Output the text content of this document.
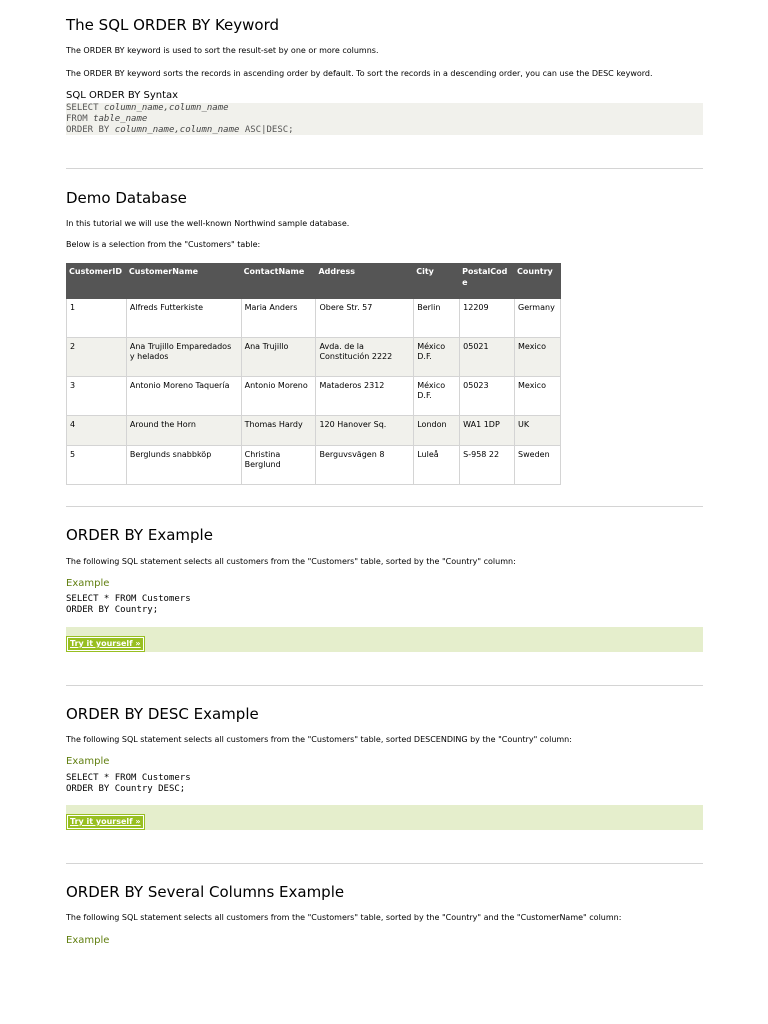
The SQL ORDER BY Keyword

The ORDER BY keyword is used to sort the result-set by one or more columns.

The ORDER BY keyword sorts the records in ascending order by default. To sort the records in a descending order, you can use the DESC keyword.

SQL ORDER BY Syntax
SELECT column_name,column_name
FROM table_name
ORDER BY column_name,column_name ASC|DESC;
Demo Database

In this tutorial we will use the well-known Northwind sample database.

Below is a selection from the "Customers" table:

CustomerID	CustomerName	ContactName	Address	City	PostalCode	Country
1	Alfreds Futterkiste	Maria Anders	Obere Str. 57	Berlin	12209	Germany
2	Ana Trujillo Emparedados y helados	Ana Trujillo	Avda. de la Constitución 2222	México D.F.	05021	Mexico
3	Antonio Moreno Taquería	Antonio Moreno	Mataderos 2312	México D.F.	05023	Mexico
4	Around the Horn	Thomas Hardy	120 Hanover Sq.	London	WA1 1DP	UK
5	Berglunds snabbköp	Christina Berglund	Berguvsvägen 8	Luleå	S-958 22	Sweden
ORDER BY Example

The following SQL statement selects all customers from the "Customers" table, sorted by the "Country" column:

Example
SELECT * FROM Customers
ORDER BY Country;
Try it yourself »
ORDER BY DESC Example

The following SQL statement selects all customers from the "Customers" table, sorted DESCENDING by the "Country" column:

Example
SELECT * FROM Customers
ORDER BY Country DESC;
Try it yourself »
ORDER BY Several Columns Example

The following SQL statement selects all customers from the "Customers" table, sorted by the "Country" and the "CustomerName" column:

Example
